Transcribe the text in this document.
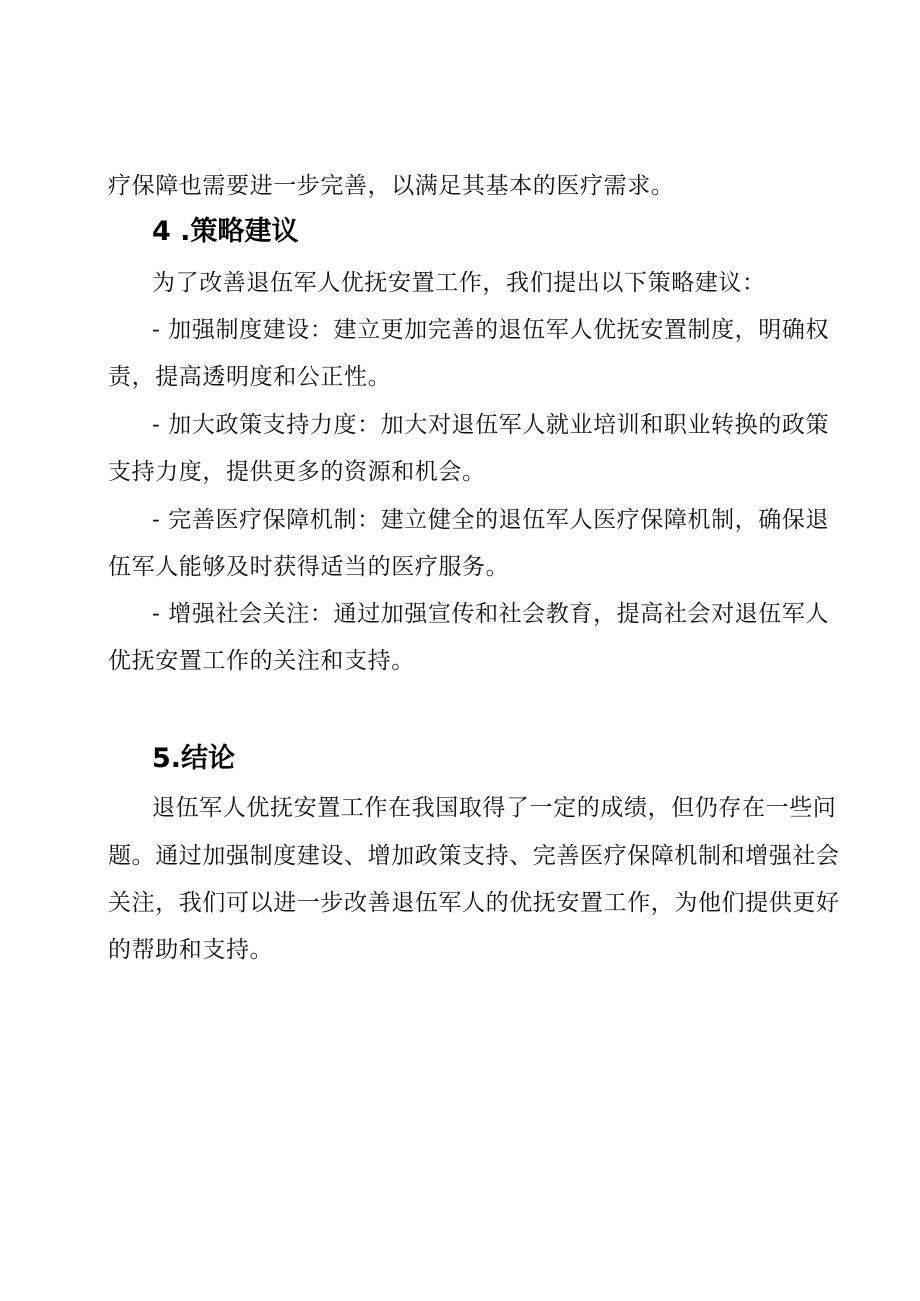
疗保障也需要进一步完善，以满足其基本的医疗需求。
4 .策略建议
为了改善退伍军人优抚安置工作，我们提出以下策略建议：
- 加强制度建设：建立更加完善的退伍军人优抚安置制度，明确权
责，提高透明度和公正性。
- 加大政策支持力度：加大对退伍军人就业培训和职业转换的政策
支持力度，提供更多的资源和机会。
- 完善医疗保障机制：建立健全的退伍军人医疗保障机制，确保退
伍军人能够及时获得适当的医疗服务。
- 增强社会关注：通过加强宣传和社会教育，提高社会对退伍军人
优抚安置工作的关注和支持。
5.结论
退伍军人优抚安置工作在我国取得了一定的成绩，但仍存在一些问
题。通过加强制度建设、增加政策支持、完善医疗保障机制和增强社会
关注，我们可以进一步改善退伍军人的优抚安置工作，为他们提供更好
的帮助和支持。
